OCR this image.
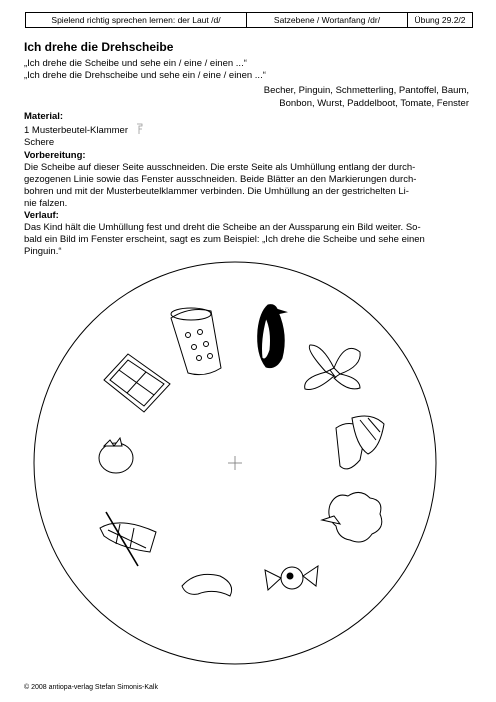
Spielend richtig sprechen lernen: der Laut /d/	Satzebene / Wortanfang /dr/	Übung 29.2/2
Ich drehe die Drehscheibe
„Ich drehe die Scheibe und sehe ein / eine / einen ...“
„Ich drehe die Drehscheibe und sehe ein / eine / einen ...“
Becher, Pinguin, Schmetterling, Pantoffel, Baum,
Bonbon, Wurst, Paddelboot, Tomate, Fenster
Material:
1 Musterbeutel-Klammer
Schere
Vorbereitung:
Die Scheibe auf dieser Seite ausschneiden. Die erste Seite als Umhüllung entlang der durch-
gezogenen Linie sowie das Fenster ausschneiden. Beide Blätter an den Markierungen durch-
bohren und mit der Musterbeutelklammer verbinden. Die Umhüllung an der gestrichelten Li-
nie falzen.
Verlauf:
Das Kind hält die Umhüllung fest und dreht die Scheibe an der Aussparung ein Bild weiter. So-
bald ein Bild im Fenster erscheint, sagt es zum Beispiel: „Ich drehe die Scheibe und sehe einen
Pinguin.“
© 2008 antiopa-verlag Stefan Simonis-Kalk
